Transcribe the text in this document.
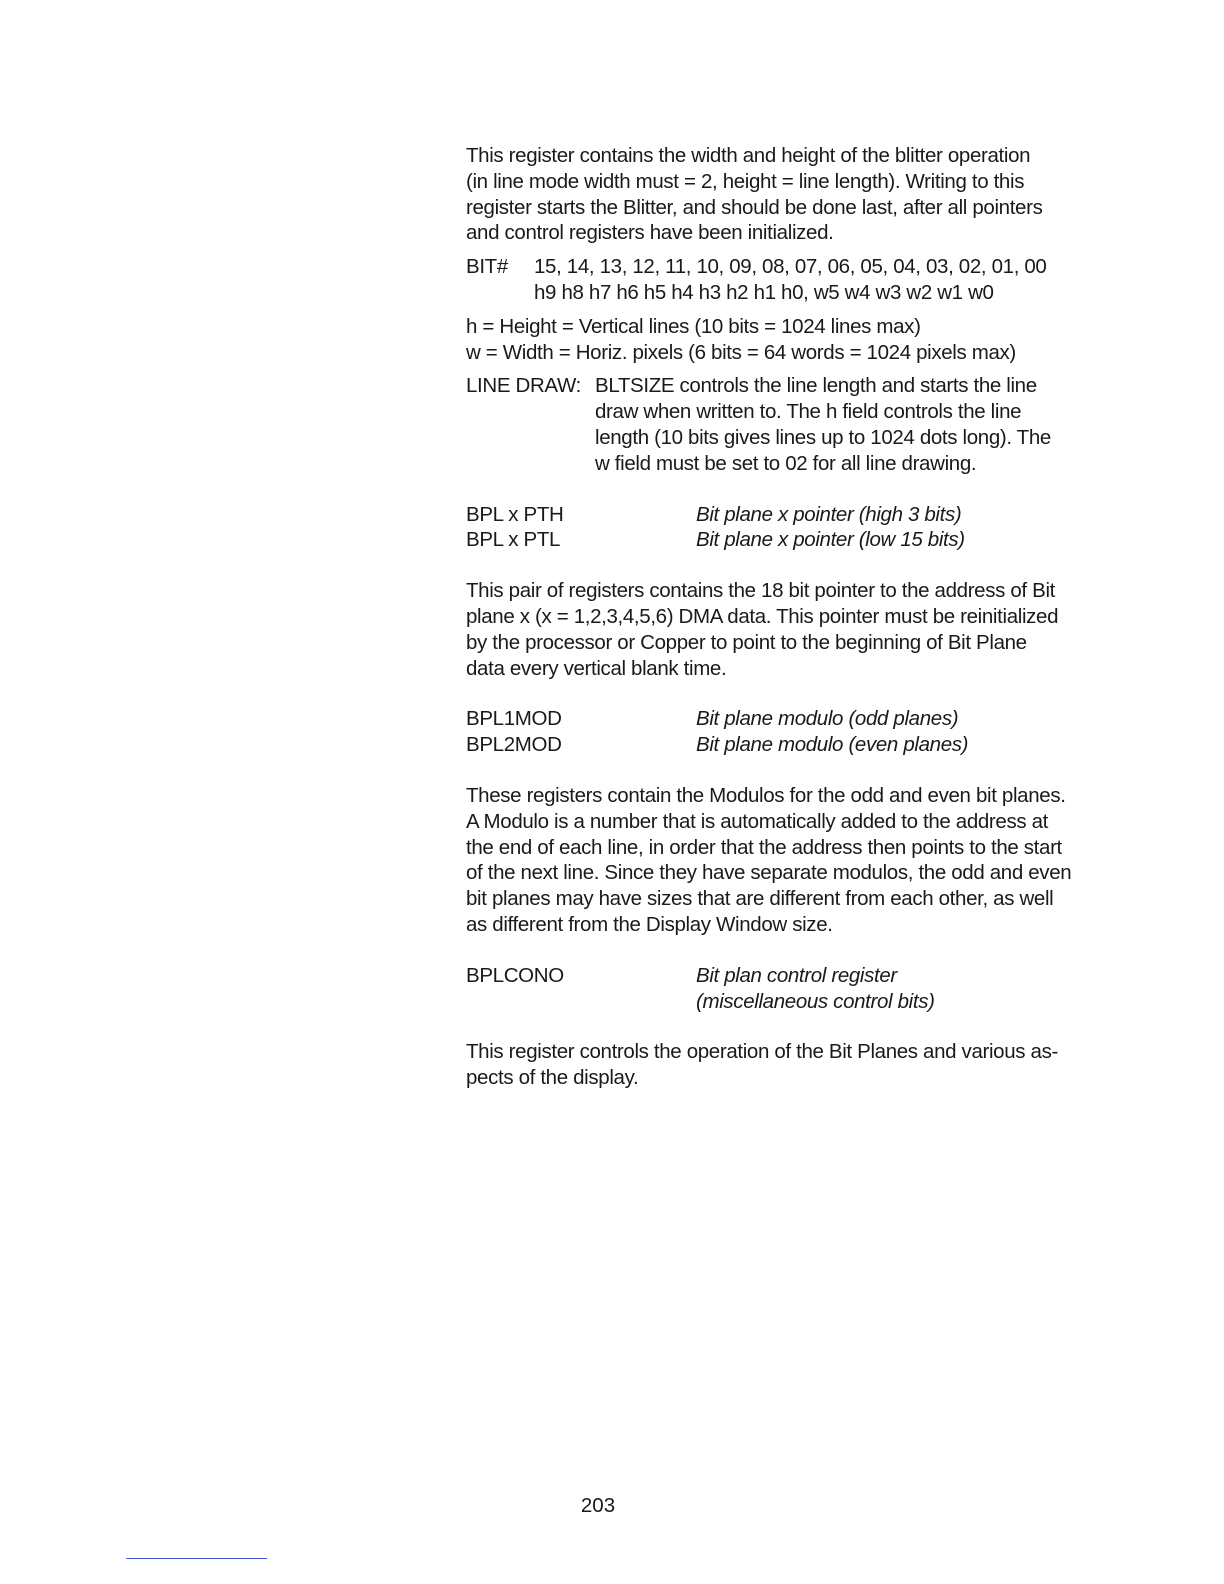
This register contains the width and height of the blitter operation
(in line mode width must = 2, height = line length). Writing to this
register starts the Blitter, and should be done last, after all pointers
and control registers have been initialized.
BIT#	15, 14, 13, 12, 11, 10, 09, 08, 07, 06, 05, 04, 03, 02, 01, 00
h9 h8 h7 h6 h5 h4 h3 h2 h1 h0, w5 w4 w3 w2 w1 w0
h = Height = Vertical lines (10 bits = 1024 lines max)
w = Width = Horiz. pixels (6 bits = 64 words = 1024 pixels max)
LINE DRAW: BLTSIZE controls the line length and starts the line
draw when written to. The h field controls the line
length (10 bits gives lines up to 1024 dots long). The
w field must be set to 02 for all line drawing.
BPL x PTH	Bit plane x pointer (high 3 bits)
BPL x PTL	Bit plane x pointer (low 15 bits)
This pair of registers contains the 18 bit pointer to the address of Bit
plane x (x = 1,2,3,4,5,6) DMA data. This pointer must be reinitialized
by the processor or Copper to point to the beginning of Bit Plane
data every vertical blank time.
BPL1MOD	Bit plane modulo (odd planes)
BPL2MOD	Bit plane modulo (even planes)
These registers contain the Modulos for the odd and even bit planes.
A Modulo is a number that is automatically added to the address at
the end of each line, in order that the address then points to the start
of the next line. Since they have separate modulos, the odd and even
bit planes may have sizes that are different from each other, as well
as different from the Display Window size.
BPLCONO	Bit plan control register
(miscellaneous control bits)
This register controls the operation of the Bit Planes and various as-
pects of the display.
203
